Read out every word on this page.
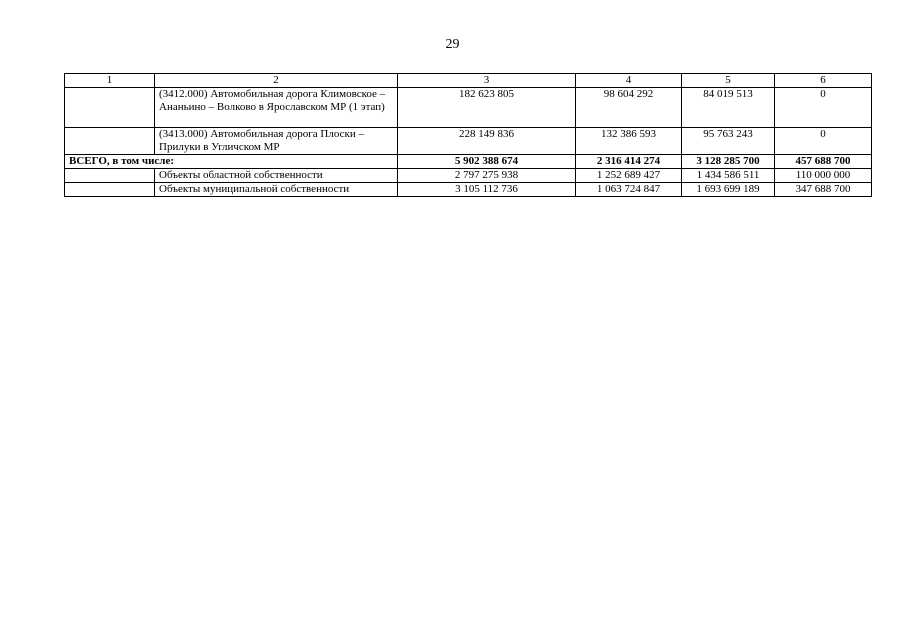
29
1	2	3	4	5	6
	(3412.000) Автомобильная дорога Климовское – Ананьино – Волково в Ярославском МР (1 этап)	182 623 805	98 604 292	84 019 513	0
	(3413.000) Автомобильная дорога Плоски – Прилуки в Угличском МР	228 149 836	132 386 593	95 763 243	0
ВСЕГО, в том числе:		5 902 388 674	2 316 414 274	3 128 285 700	457 688 700
	Объекты областной собственности	2 797 275 938	1 252 689 427	1 434 586 511	110 000 000
	Объекты муниципальной собственности	3 105 112 736	1 063 724 847	1 693 699 189	347 688 700
